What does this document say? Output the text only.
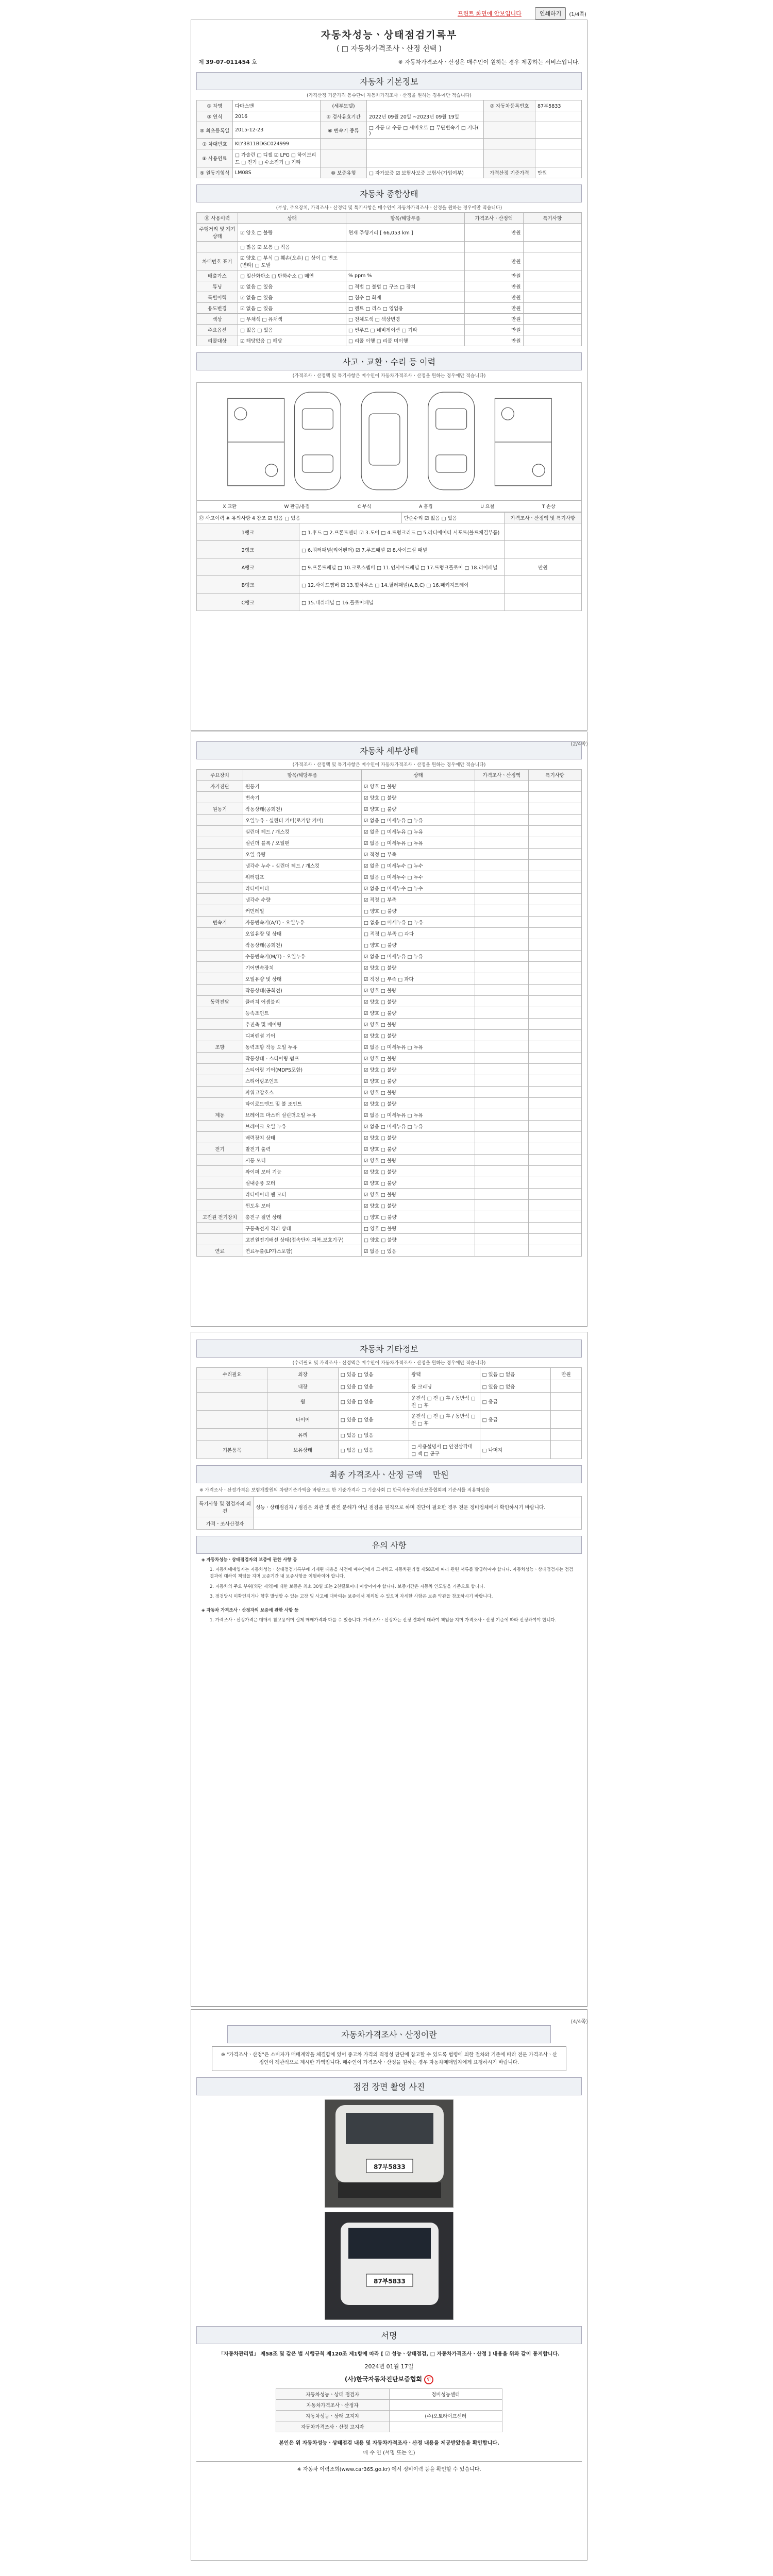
프린트 화면에 안보입니다	인쇄하기	(1/4쪽)
자동차성능ㆍ상태점검기록부
( □ 자동차가격조사ㆍ산정 선택 )
제 39-07-011454 호	※ 자동차가격조사ㆍ산정은 매수인이 원하는 경우 제공하는 서비스입니다.
자동차 기본정보
(가격산정 기준가격 동수단이 자동차가격조사ㆍ산정을 원하는 경우에만 적습니다)
① 차명	다마스밴	(세부모델)		② 자동차등록번호	87부5833
③ 연식	2016	④ 검사유효기간	2022년 09월 20일 ~2023년 09월 19일		
⑤ 최초등록일	2015-12-23	⑥ 변속기 종류	□ 자동 ☑ 수동 □ 세미오토 □ 무단변속기 □ 기타( )		
⑦ 차대번호	KLY3B11BDGC024999				
⑧ 사용연료	□ 가솔린 □ 디젤 ☑ LPG □ 하이브리드 □ 전기 □ 수소전기 □ 기타				
⑨ 원동기형식	LM08S	⑩ 보증유형	□ 자가보증 ☑ 보험사보증 보험사(가입여부)	가격산정 기준가격	만원
자동차 종합상태
(부상, 주요장치, 가격조사ㆍ산정액 및 특기사항은 매수인이 자동차가격조사ㆍ산정을 원하는 경우에만 적습니다)
⑪ 사용이력	상태	항목/해당부품	가격조사ㆍ산정액	특기사항
주행거리 및 계기상태	☑ 양호 □ 불량	현재 주행거리 [ 66,053 km ]	만원	
	□ 많음 ☑ 보통 □ 적음			
차대번호 표기	☑ 양호 □ 부식 □ 훼손(오손) □ 상이 □ 변조(변타) □ 도말		만원	
배출가스	□ 일산화탄소 □ 탄화수소 □ 매연	% ppm %	만원	
튜닝	☑ 없음 □ 있음	□ 적법 □ 불법 □ 구조 □ 장치	만원	
특별이력	☑ 없음 □ 있음	□ 침수 □ 화재	만원	
용도변경	☑ 없음 □ 있음	□ 렌트 □ 리스 □ 영업용	만원	
색상	□ 무채색 □ 유채색	□ 전체도색 □ 색상변경	만원	
주요옵션	□ 없음 □ 있음	□ 썬루프 □ 네비게이션 □ 기타	만원	
리콜대상	☑ 해당없음 □ 해당	□ 리콜 이행 □ 리콜 미이행	만원	
사고ㆍ교환ㆍ수리 등 이력
(가격조사ㆍ산정액 및 특기사항은 매수인이 자동차가격조사ㆍ산정을 원하는 경우에만 적습니다)
X 교환	W 판금/용접	C 부식	A 흠집	U 요철	T 손상
⑫ 사고이력 ※ 유의사항 4 참조 ☑ 없음 □ 있음		단순수리 ☑ 없음 □ 있음	가격조사ㆍ산정액 및 특기사항
1랭크	□ 1.후드 □ 2.프론트펜더 ☑ 3.도어 □ 4.트렁크리드 □ 5.라디에이터 서포트(볼트체결부품)		
2랭크	□ 6.쿼터패널(리어펜더) ☑ 7.루프패널 ☑ 8.사이드실 패널		
A랭크	□ 9.프론트패널 □ 10.크로스멤버 □ 11.인사이드패널 □ 17.트렁크플로어 □ 18.리어패널		만원
B랭크	□ 12.사이드멤버 ☑ 13.휠하우스 □ 14.필러패널(A,B,C) □ 16.패키지트레이		
C랭크	□ 15.대쉬패널 □ 16.플로어패널		
(2/4쪽)
자동차 세부상태
(가격조사ㆍ산정액 및 특기사항은 매수인이 자동차가격조사ㆍ산정을 원하는 경우에만 적습니다)
주요장치	항목/해당부품	상태	가격조사ㆍ산정액	특기사항
자기진단	원동기	☑ 양호 □ 불량		
	변속기	☑ 양호 □ 불량		
원동기	작동상태(공회전)	☑ 양호 □ 불량		
	오일누유 - 실린더 커버(로커암 커버)	☑ 없음 □ 미세누유 □ 누유		
	실린더 헤드 / 개스킷	☑ 없음 □ 미세누유 □ 누유		
	실린더 블록 / 오일팬	☑ 없음 □ 미세누유 □ 누유		
	오일 유량	☑ 적정 □ 부족		
	냉각수 누수 - 실린더 헤드 / 개스킷	☑ 없음 □ 미세누수 □ 누수		
	워터펌프	☑ 없음 □ 미세누수 □ 누수		
	라디에이터	☑ 없음 □ 미세누수 □ 누수		
	냉각수 수량	☑ 적정 □ 부족		
	커먼레일	□ 양호 □ 불량		
변속기	자동변속기(A/T) - 오일누유	□ 없음 □ 미세누유 □ 누유		
	오일유량 및 상태	□ 적정 □ 부족 □ 과다		
	작동상태(공회전)	□ 양호 □ 불량		
	수동변속기(M/T) - 오일누유	☑ 없음 □ 미세누유 □ 누유		
	기어변속장치	☑ 양호 □ 불량		
	오일유량 및 상태	☑ 적정 □ 부족 □ 과다		
	작동상태(공회전)	☑ 양호 □ 불량		
동력전달	클러치 어셈블리	☑ 양호 □ 불량		
	등속조인트	☑ 양호 □ 불량		
	추진축 및 베어링	☑ 양호 □ 불량		
	디퍼렌셜 기어	☑ 양호 □ 불량		
조향	동력조향 작동 오일 누유	☑ 없음 □ 미세누유 □ 누유		
	작동상태 - 스티어링 펌프	☑ 양호 □ 불량		
	스티어링 기어(MDPS포함)	☑ 양호 □ 불량		
	스티어링조인트	☑ 양호 □ 불량		
	파워고압호스	☑ 양호 □ 불량		
	타이로드엔드 및 볼 조인트	☑ 양호 □ 불량		
제동	브레이크 마스터 실린더오일 누유	☑ 없음 □ 미세누유 □ 누유		
	브레이크 오일 누유	☑ 없음 □ 미세누유 □ 누유		
	배력장치 상태	☑ 양호 □ 불량		
전기	발전기 출력	☑ 양호 □ 불량		
	시동 모터	☑ 양호 □ 불량		
	와이퍼 모터 기능	☑ 양호 □ 불량		
	실내송풍 모터	☑ 양호 □ 불량		
	라디에이터 팬 모터	☑ 양호 □ 불량		
	윈도우 모터	☑ 양호 □ 불량		
고전원 전기장치	충전구 절연 상태	□ 양호 □ 불량		
	구동축전지 격리 상태	□ 양호 □ 불량		
	고전원전기배선 상태(접속단자,피복,보호기구)	□ 양호 □ 불량		
연료	연료누출(LP가스포함)	☑ 없음 □ 있음		
자동차 기타정보
(수리필요 및 가격조사ㆍ산정액은 매수인이 자동차가격조사ㆍ산정을 원하는 경우에만 적습니다)
수리필요	외장	□ 있음 □ 없음	광택	□ 있음 □ 없음	만원
	내장	□ 있음 □ 없음	룸 크리닝	□ 있음 □ 없음	
	휠	□ 있음 □ 없음	운전석 □ 전 □ 후 / 동반석 □ 전 □ 후	□ 응급	
	타이어	□ 있음 □ 없음	운전석 □ 전 □ 후 / 동반석 □ 전 □ 후	□ 응급	
	유리	□ 있음 □ 없음			
기본품목	보유상태	□ 없음 □ 있음	□ 사용설명서 □ 안전삼각대 □ 잭 □ 공구	□ 나머지	
최종 가격조사ㆍ산정 금액 만원
※ 가격조사ㆍ산정가격은 보험개발원의 차량기준가액을 바탕으로 한 기준가격과 □ 기술사회 □ 한국자동차진단보증협회의 기준서를 적용하였음
특기사항 및 점검자의 의견	성능ㆍ상태점검자 / 점검은 외관 및 완전 분해가 아닌 점검을 원칙으로 하며 진단이 필요한 경우 전문 정비업체에서 확인하시기 바랍니다.
가격ㆍ조사산정자	
유의 사항

◈ 자동차성능ㆍ상태점검자의 보증에 관한 사항 등

1. 자동차매매업자는 자동차성능ㆍ상태점검기록부에 기재된 내용을 사전에 매수인에게 고지하고 자동차관리법 제58조에 따라 관련 서류를 발급하여야 합니다. 자동차성능ㆍ상태점검자는 점검 결과에 대하여 책임을 지며 보증기간 내 보증사항을 이행하여야 합니다.

2. 자동차의 주요 부위(외판 제외)에 대한 보증은 최소 30일 또는 2천킬로미터 이상이어야 합니다. 보증기간은 자동차 인도일을 기준으로 합니다.

3. 점검당시 미확인되거나 향후 발생할 수 있는 고장 및 사고에 대하여는 보증에서 제외될 수 있으며 자세한 사항은 보증 약관을 참조하시기 바랍니다.

◈ 자동차 가격조사ㆍ산정자의 보증에 관한 사항 등

1. 가격조사ㆍ산정가격은 매매시 참고용이며 실제 매매가격과 다를 수 있습니다. 가격조사ㆍ산정자는 산정 결과에 대하여 책임을 지며 가격조사ㆍ산정 기준에 따라 산정하여야 합니다.

(4/4쪽)
자동차가격조사ㆍ산정이란
※ "가격조사ㆍ산정"은 소비자가 매매계약을 체결함에 있어 중고차 가격의 적정성 판단에 참고할 수 있도록 법령에 의한 절차와 기준에 따라 전문 가격조사ㆍ산정인이 객관적으로 제시한 가액입니다. 매수인이 가격조사ㆍ산정을 원하는 경우 자동차매매업자에게 요청하시기 바랍니다.
점검 장면 촬영 사진
87부5833
87부5833
서명

「자동차관리법」 제58조 및 같은 법 시행규칙 제120조 제1항에 따라 [ ☑ 성능ㆍ상태점검, □ 자동차가격조사ㆍ산정 ] 내용을 위와 같이 통지합니다.

2024년 01월 17일

(사)한국자동차진단보증협회 인

자동차성능ㆍ상태 점검자	정비성능센터
자동차가격조사ㆍ산정자	
자동차성능ㆍ상태 고지자	(주)오토라이프센터
자동차가격조사ㆍ산정 고지자	

본인은 위 자동차성능ㆍ상태점검 내용 및 자동차가격조사ㆍ산정 내용을 제공받았음을 확인합니다.

매 수 인 (서명 또는 인)

※ 자동차 이력조회(www.car365.go.kr) 에서 정비이력 등을 확인할 수 있습니다.
